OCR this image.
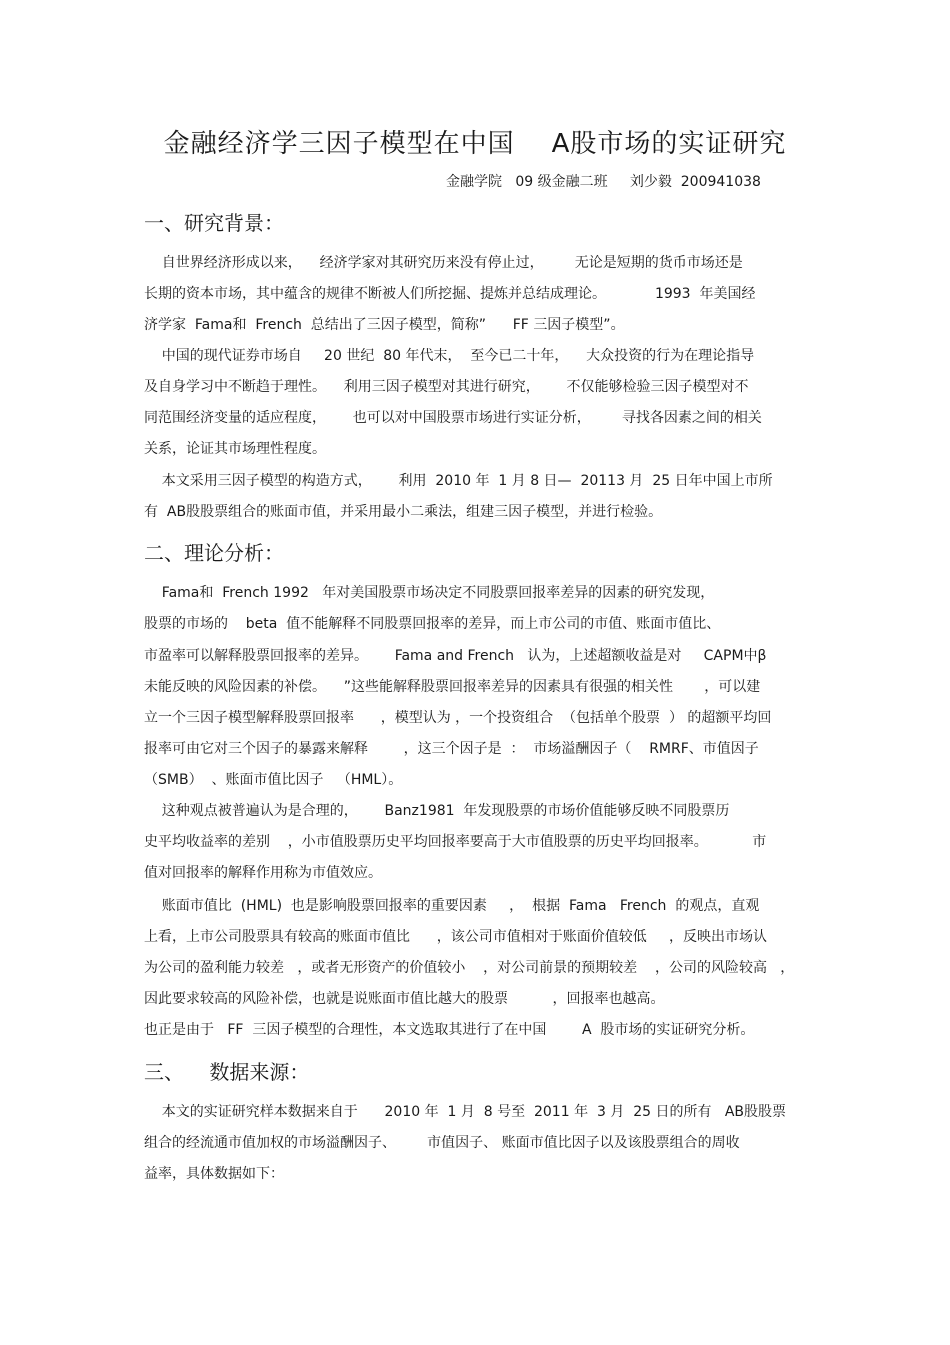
金融经济学三因子模型在中国    A股市场的实证研究
金融学院   09 级金融二班     刘少毅  200941038
一、研究背景：
自世界经济形成以来，    经济学家对其研究历来没有停止过，       无论是短期的货币市场还是
长期的资本市场，其中蕴含的规律不断被人们所挖掘、提炼并总结成理论。           1993  年美国经
济学家  Fama和  French  总结出了三因子模型，简称”      FF 三因子模型”。
中国的现代证券市场自     20 世纪  80 年代末，  至今已二十年，    大众投资的行为在理论指导
及自身学习中不断趋于理性。    利用三因子模型对其进行研究，      不仅能够检验三因子模型对不
同范围经济变量的适应程度，      也可以对中国股票市场进行实证分析，       寻找各因素之间的相关
关系，论证其市场理性程度。
本文采用三因子模型的构造方式，      利用  2010 年  1 月 8 日—  20113 月  25 日年中国上市所
有  AB股股票组合的账面市值，并采用最小二乘法，组建三因子模型，并进行检验。
二、理论分析：
Fama和  French 1992   年对美国股票市场决定不同股票回报率差异的因素的研究发现，
股票的市场的    beta  值不能解释不同股票回报率的差异，而上市公司的市值、账面市值比、
市盈率可以解释股票回报率的差异。      Fama and French   认为，上述超额收益是对     CAPM中β
未能反映的风险因素的补偿。    ”这些能解释股票回报率差异的因素具有很强的相关性       ，可以建
立一个三因子模型解释股票回报率      ，模型认为 ，一个投资组合  （包括单个股票  ） 的超额平均回
报率可由它对三个因子的暴露来解释        ，这三个因子是  ：  市场溢酬因子（    RMRF、市值因子
（SMB）  、账面市值比因子   （HML）。
这种观点被普遍认为是合理的，      Banz1981  年发现股票的市场价值能够反映不同股票历
史平均收益率的差别    ，小市值股票历史平均回报率要高于大市值股票的历史平均回报率。          市
值对回报率的解释作用称为市值效应。
账面市值比  (HML)  也是影响股票回报率的重要因素     ，  根据  Fama   French  的观点，直观
上看，上市公司股票具有较高的账面市值比      ，该公司市值相对于账面价值较低     ，反映出市场认
为公司的盈利能力较差   ，或者无形资产的价值较小    ，对公司前景的预期较差    ，公司的风险较高   ，
因此要求较高的风险补偿，也就是说账面市值比越大的股票          ，回报率也越高。
也正是由于   FF  三因子模型的合理性，本文选取其进行了在中国        A  股市场的实证研究分析。
三、    数据来源：
本文的实证研究样本数据来自于      2010 年  1 月  8 号至  2011 年  3 月  25 日的所有   AB股股票
组合的经流通市值加权的市场溢酬因子、       市值因子、 账面市值比因子以及该股票组合的周收
益率，具体数据如下：
